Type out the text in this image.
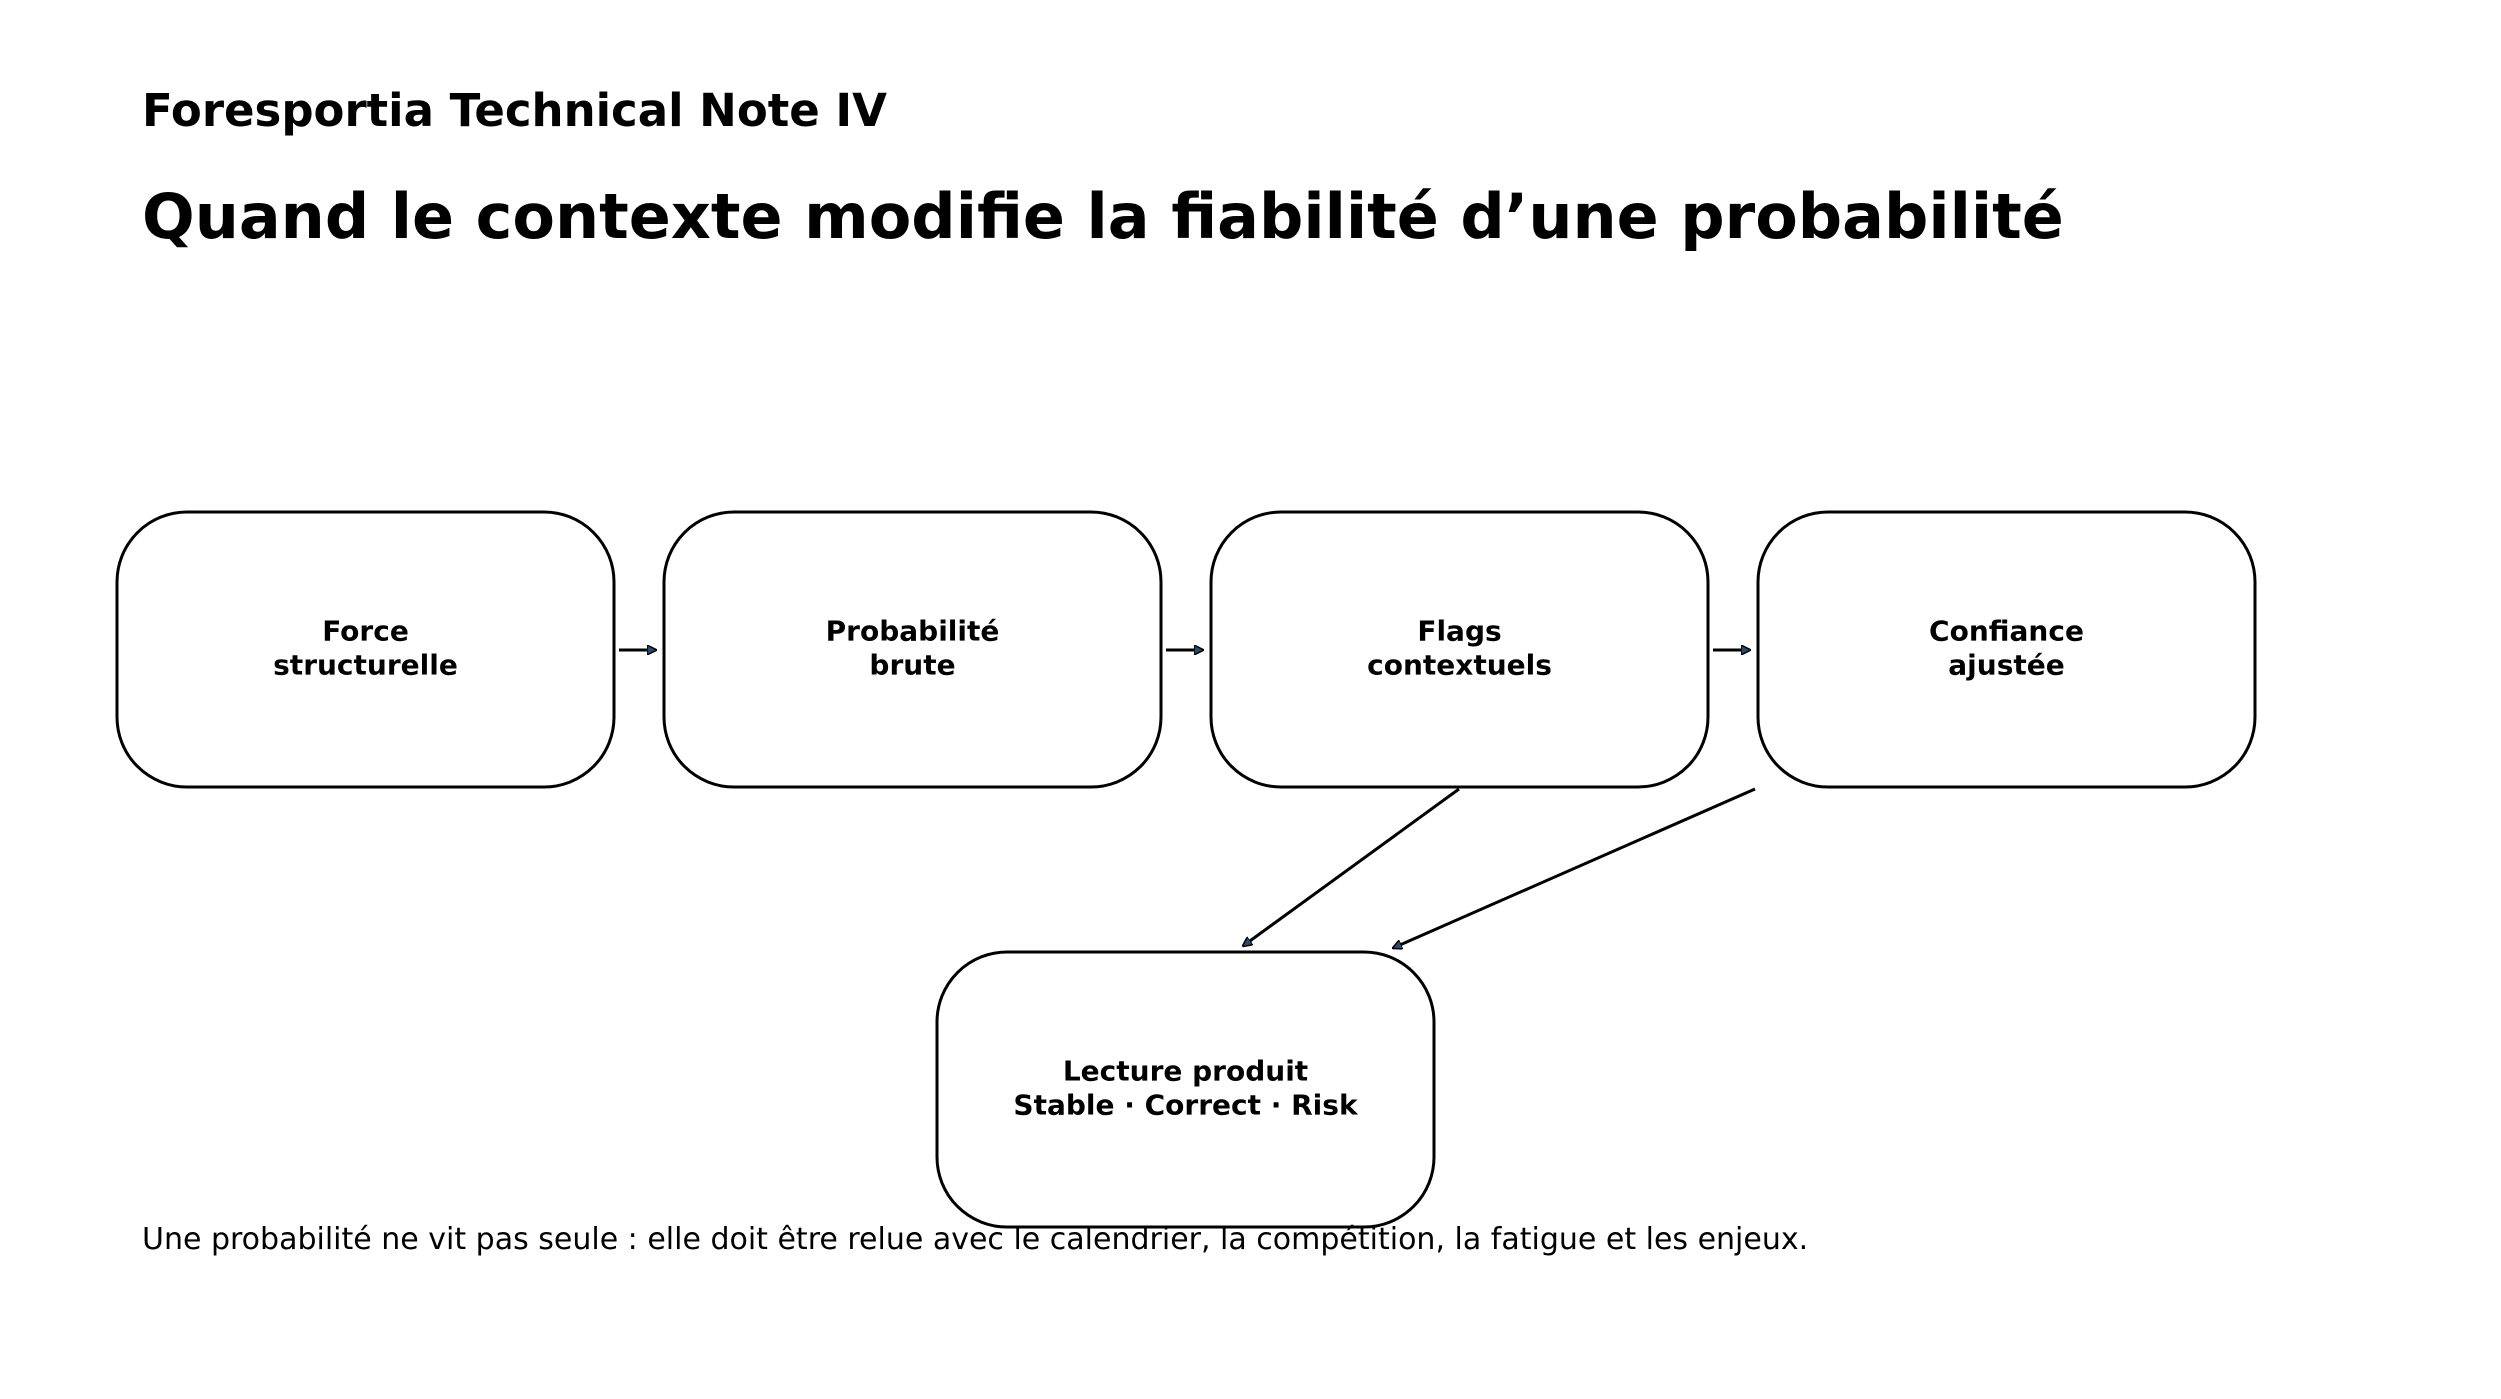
Foresportia Technical Note IV
Quand le contexte modifie la fiabilité d’une probabilité
Force
structurelle
Probabilité
brute
Flags
contextuels
Confiance
ajustée
Lecture produit
Stable · Correct · Risk
Une probabilité ne vit pas seule : elle doit être relue avec le calendrier, la compétition, la fatigue et les enjeux.
